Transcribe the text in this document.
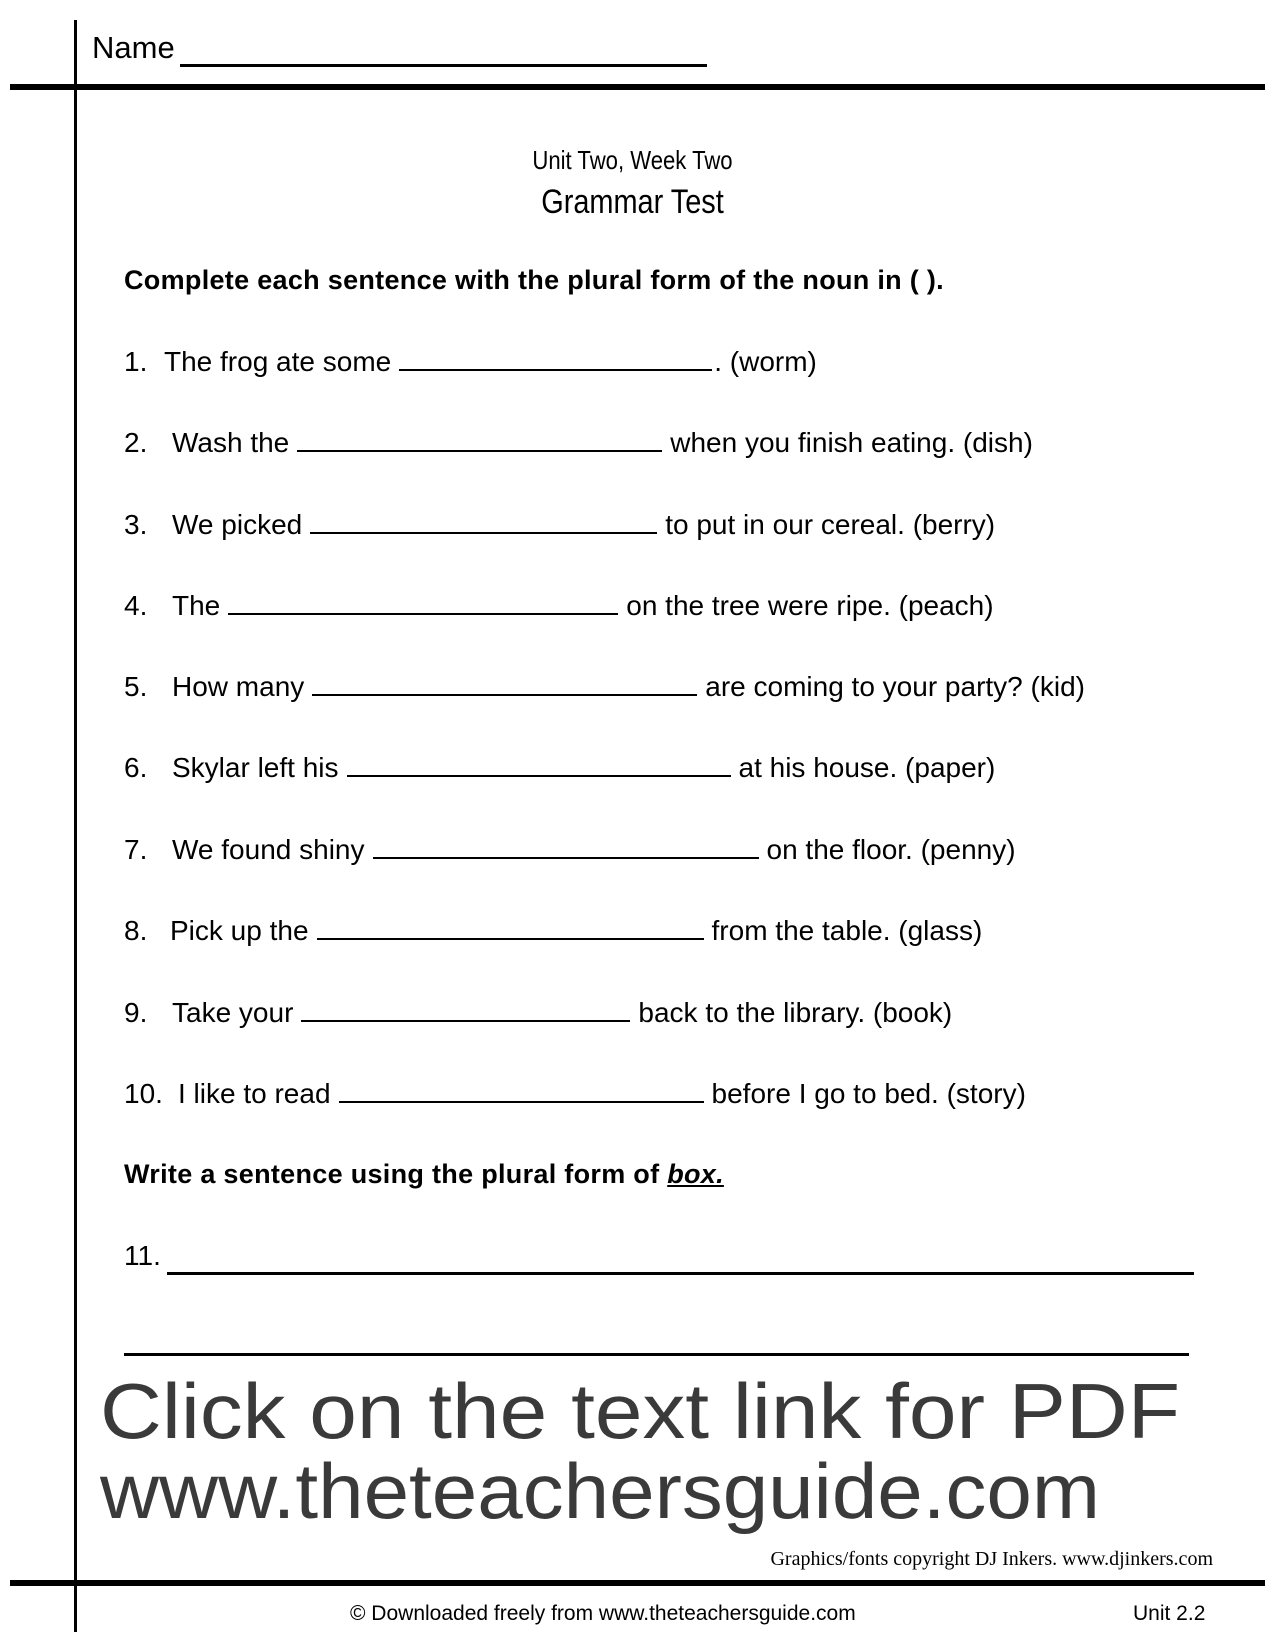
Name
Unit Two, Week Two
Grammar Test
Complete each sentence with the plural form of the noun in ( ).
1. The frog ate some	. (worm)
2. Wash the	when you finish eating. (dish)
3. We picked	to put in our cereal. (berry)
4. The	on the tree were ripe. (peach)
5. How many	are coming to your party? (kid)
6. Skylar left his	at his house. (paper)
7. We found shiny	on the floor. (penny)
8. Pick up the	from the table. (glass)
9. Take your	back to the library. (book)
10. I like to read	before I go to bed. (story)
Write a sentence using the plural form of box.
11.
Click on the text link for PDF
www.theteachersguide.com
Graphics/fonts copyright DJ Inkers. www.djinkers.com
© Downloaded freely from www.theteachersguide.com	Unit 2.2
